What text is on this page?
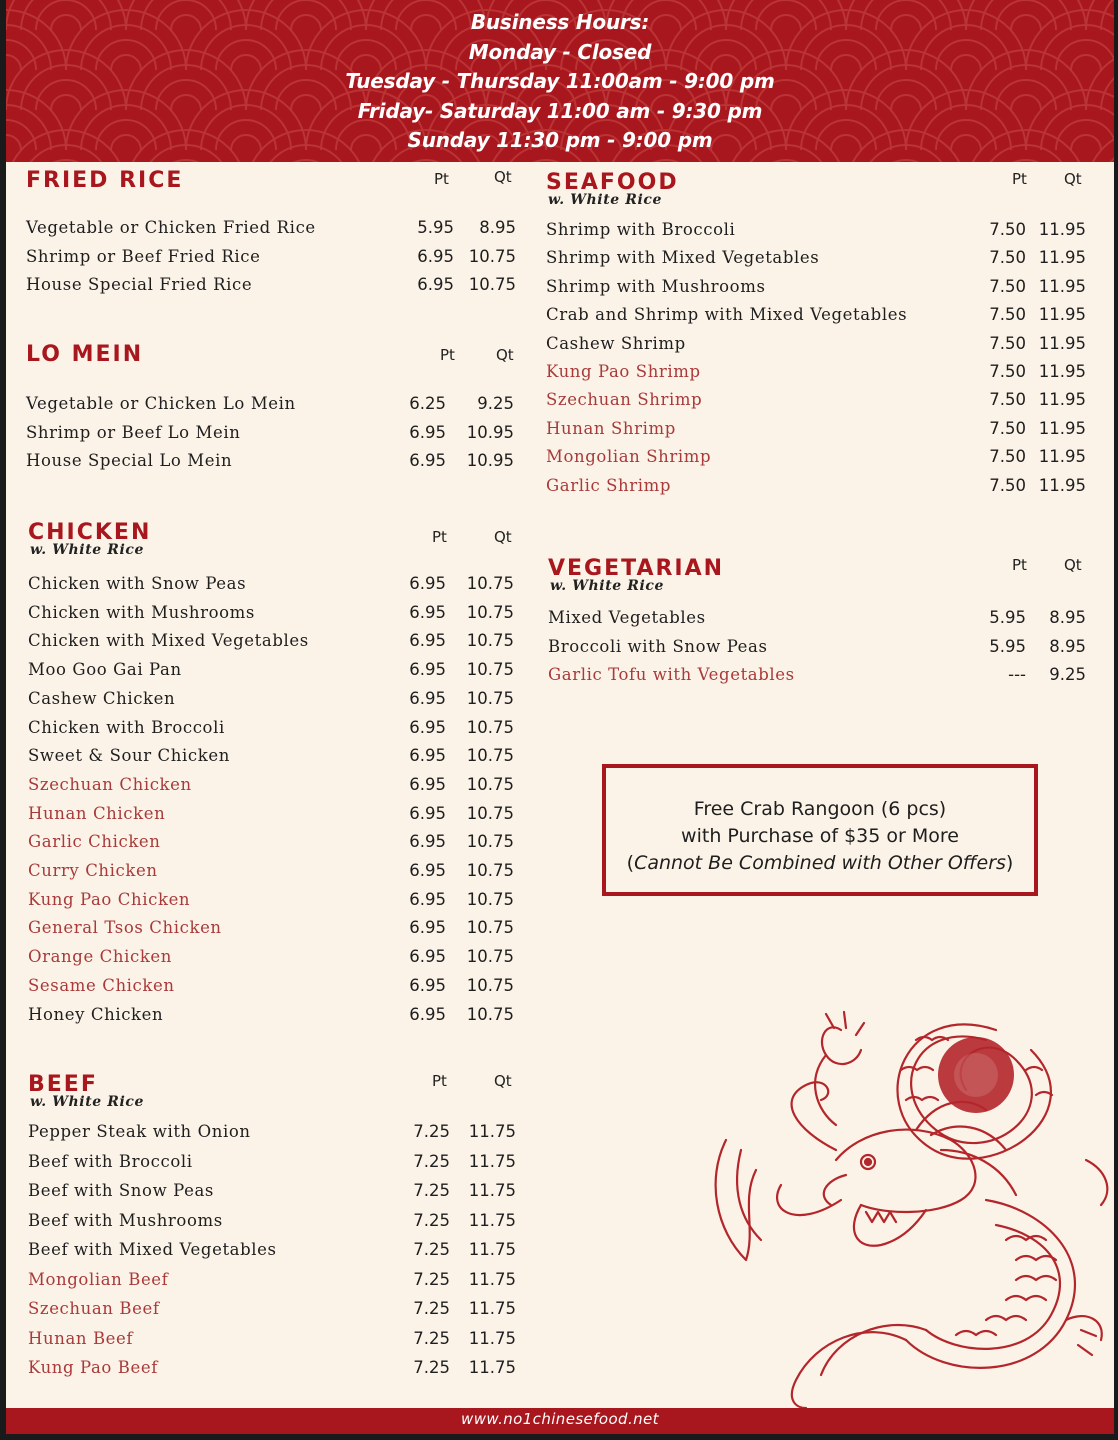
Business Hours:
Monday - Closed
Tuesday - Thursday 11:00am - 9:00 pm
Friday- Saturday 11:00 am - 9:30 pm
Sunday 11:30 pm - 9:00 pm
FRIED RICE	Pt	Qt
Vegetable or Chicken Fried Rice	5.95	8.95
Shrimp or Beef Fried Rice	6.95 10.75
House Special Fried Rice	6.95 10.75
LO MEIN	Pt	Qt
Vegetable or Chicken Lo Mein	6.25	9.25
Shrimp or Beef Lo Mein	6.95	10.95
House Special Lo Mein	6.95	10.95
CHICKEN
w. White Rice
Pt	Qt
Chicken with Snow Peas	6.95	10.75
Chicken with Mushrooms	6.95	10.75
Chicken with Mixed Vegetables	6.95	10.75
Moo Goo Gai Pan	6.95	10.75
Cashew Chicken	6.95	10.75
Chicken with Broccoli	6.95	10.75
Sweet & Sour Chicken	6.95	10.75
Szechuan Chicken	6.95	10.75
Hunan Chicken	6.95	10.75
Garlic Chicken	6.95	10.75
Curry Chicken	6.95	10.75
Kung Pao Chicken	6.95	10.75
General Tsos Chicken	6.95	10.75
Orange Chicken	6.95	10.75
Sesame Chicken	6.95	10.75
Honey Chicken	6.95	10.75
BEEF
w. White Rice
Pt	Qt
Pepper Steak with Onion	7.25	11.75
Beef with Broccoli	7.25	11.75
Beef with Snow Peas	7.25	11.75
Beef with Mushrooms	7.25	11.75
Beef with Mixed Vegetables	7.25	11.75
Mongolian Beef	7.25	11.75
Szechuan Beef	7.25	11.75
Hunan Beef	7.25	11.75
Kung Pao Beef	7.25	11.75
SEAFOOD
w. White Rice
Pt Qt
Shrimp with Broccoli	7.50 11.95
Shrimp with Mixed Vegetables	7.50 11.95
Shrimp with Mushrooms	7.50 11.95
Crab and Shrimp with Mixed Vegetables	7.50 11.95
Cashew Shrimp	7.50 11.95
Kung Pao Shrimp	7.50 11.95
Szechuan Shrimp	7.50 11.95
Hunan Shrimp	7.50 11.95
Mongolian Shrimp	7.50 11.95
Garlic Shrimp	7.50 11.95
VEGETARIAN
w. White Rice
Pt Qt
Mixed Vegetables	5.95	8.95
Broccoli with Snow Peas	5.95	8.95
Garlic Tofu with Vegetables	---	9.25
Free Crab Rangoon (6 pcs)
with Purchase of $35 or More
(Cannot Be Combined with Other Offers)
www.no1chinesefood.net
